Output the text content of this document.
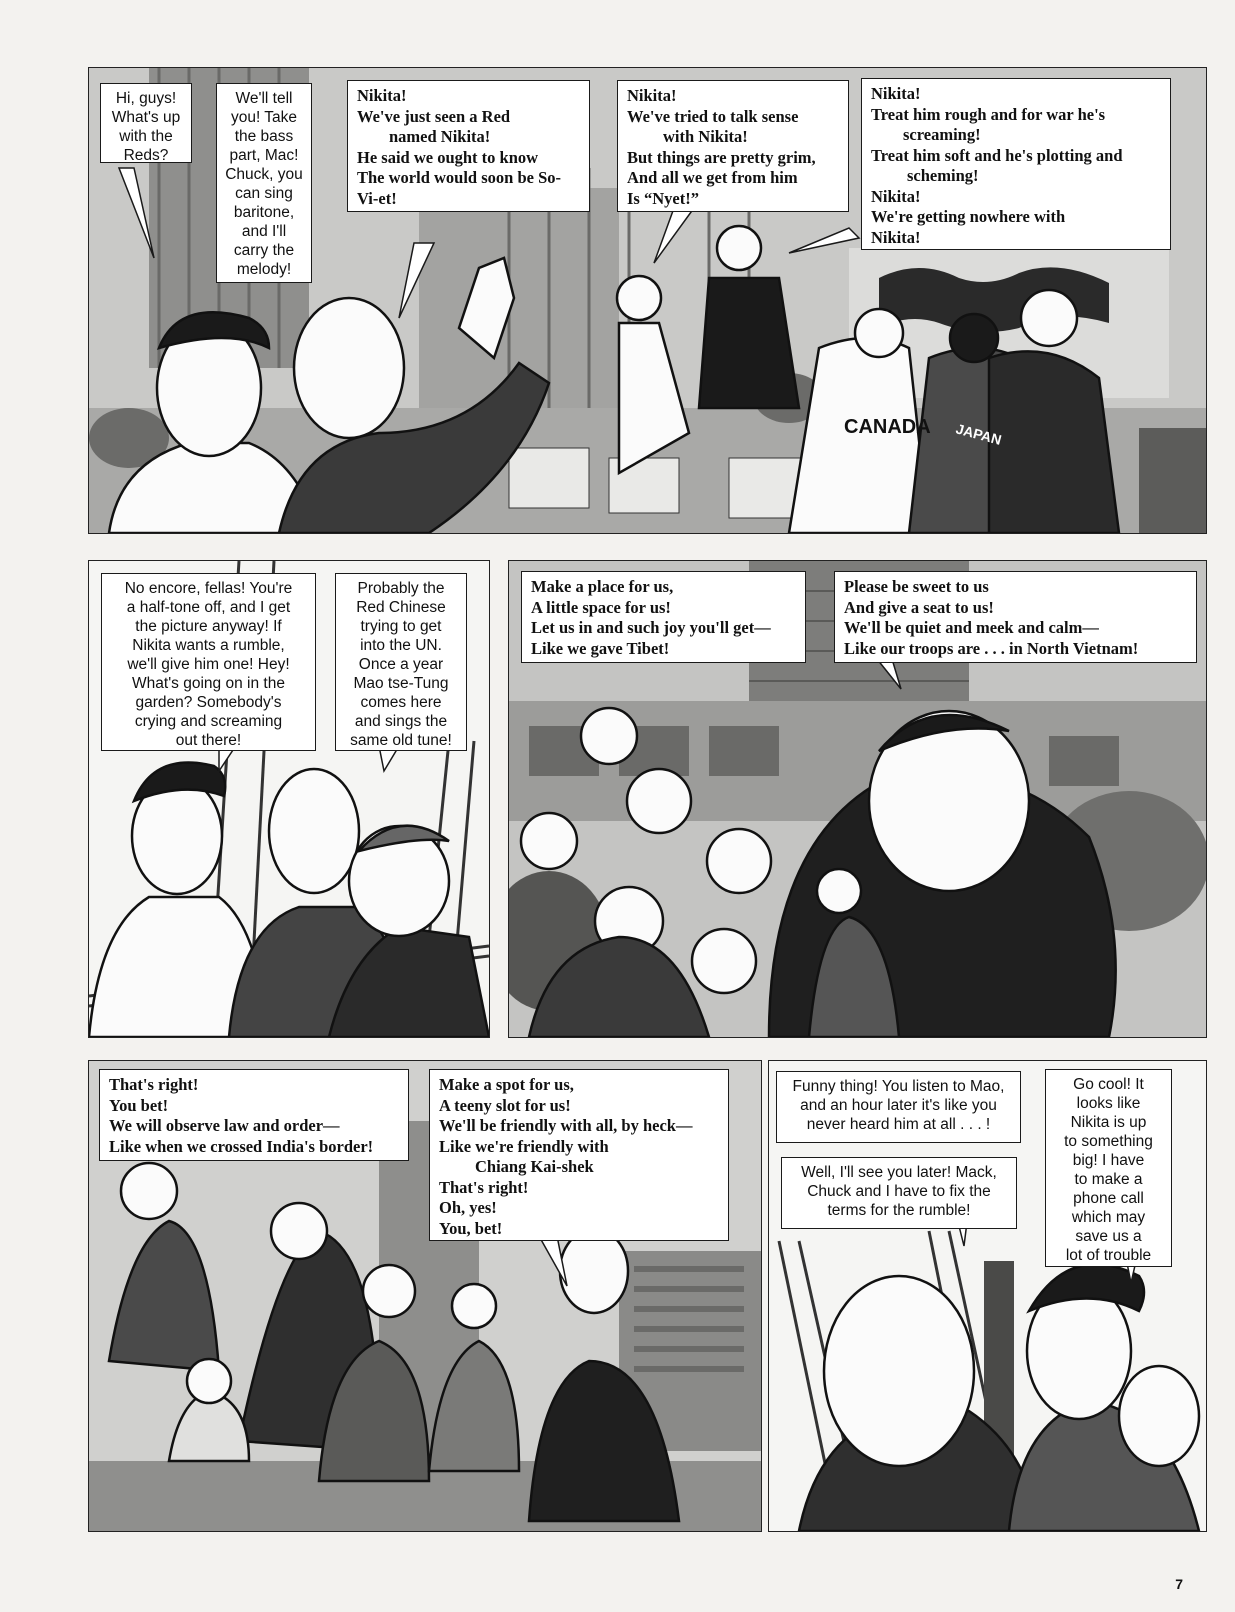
CANADA JAPAN
Hi, guys!
What's up
with the
Reds?
We'll tell
you! Take
the bass
part, Mac!
Chuck, you
can sing
baritone,
and I'll
carry the
melody!
Nikita!
We've just seen a Red
named Nikita!
He said we ought to know
The world would soon be So-
Vi-et!
Nikita!
We've tried to talk sense
with Nikita!
But things are pretty grim,
And all we get from him
Is “Nyet!”
Nikita!
Treat him rough and for war he's
screaming!
Treat him soft and he's plotting and
scheming!
Nikita!
We're getting nowhere with
Nikita!
No encore, fellas! You're
a half-tone off, and I get
the picture anyway! If
Nikita wants a rumble,
we'll give him one! Hey!
What's going on in the
garden? Somebody's
crying and screaming
out there!
Probably the
Red Chinese
trying to get
into the UN.
Once a year
Mao tse-Tung
comes here
and sings the
same old tune!
Make a place for us,
A little space for us!
Let us in and such joy you'll get—
Like we gave Tibet!
Please be sweet to us
And give a seat to us!
We'll be quiet and meek and calm—
Like our troops are . . . in North Vietnam!
That's right!
You bet!
We will observe law and order—
Like when we crossed India's border!
Make a spot for us,
A teeny slot for us!
We'll be friendly with all, by heck—
Like we're friendly with
Chiang Kai-shek
That's right!
Oh, yes!
You, bet!
Funny thing! You listen to Mao,
and an hour later it's like you
never heard him at all . . . !
Well, I'll see you later! Mack,
Chuck and I have to fix the
terms for the rumble!
Go cool! It
looks like
Nikita is up
to something
big! I have
to make a
phone call
which may
save us a
lot of trouble
7
